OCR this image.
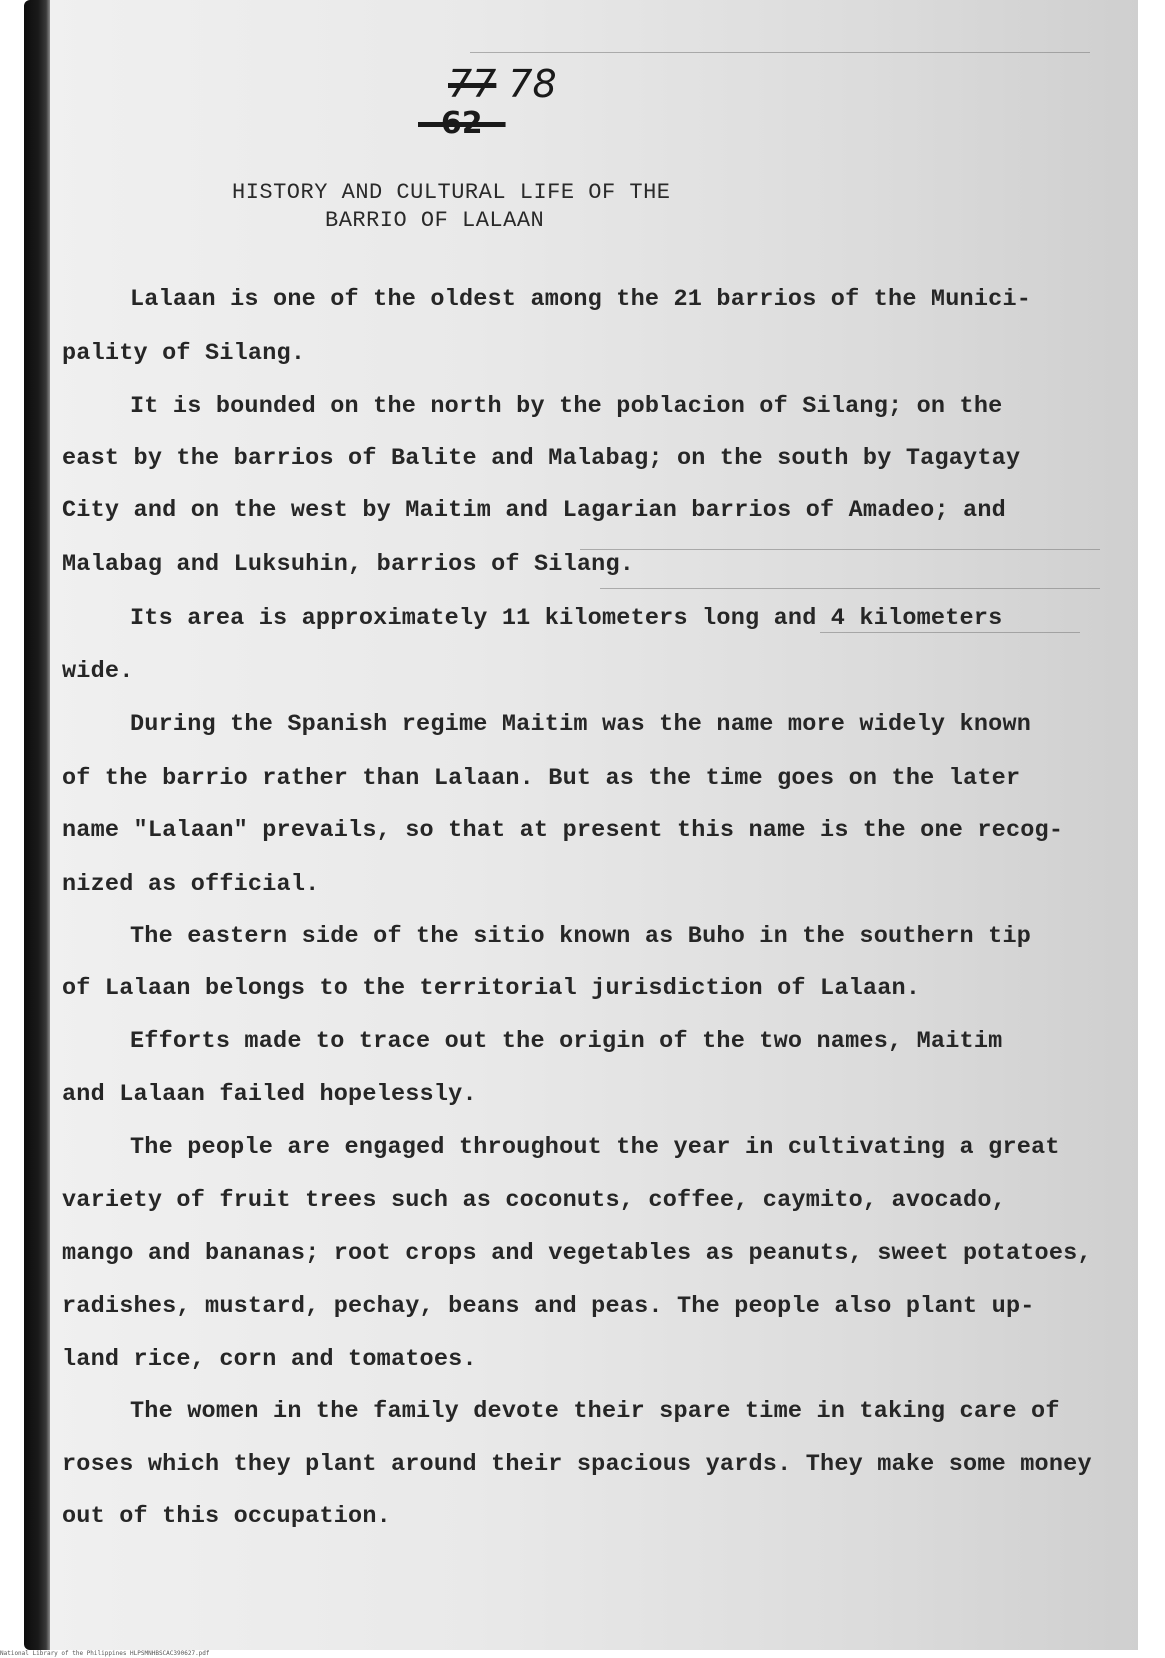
77 78
- 62 -
HISTORY AND CULTURAL LIFE OF THE
BARRIO OF LALAAN
Lalaan is one of the oldest among the 21 barrios of the Munici-
pality of Silang.
It is bounded on the north by the poblacion of Silang; on the
east by the barrios of Balite and Malabag; on the south by Tagaytay
City and on the west by Maitim and Lagarian barrios of Amadeo; and
Malabag and Luksuhin, barrios of Silang.
Its area is approximately 11 kilometers long and 4 kilometers
wide.
During the Spanish regime Maitim was the name more widely known
of the barrio rather than Lalaan. But as the time goes on the later
name "Lalaan" prevails, so that at present this name is the one recog-
nized as official.
The eastern side of the sitio known as Buho in the southern tip
of Lalaan belongs to the territorial jurisdiction of Lalaan.
Efforts made to trace out the origin of the two names, Maitim
and Lalaan failed hopelessly.
The people are engaged throughout the year in cultivating a great
variety of fruit trees such as coconuts, coffee, caymito, avocado,
mango and bananas; root crops and vegetables as peanuts, sweet potatoes,
radishes, mustard, pechay, beans and peas. The people also plant up-
land rice, corn and tomatoes.
The women in the family devote their spare time in taking care of
roses which they plant around their spacious yards. They make some money
out of this occupation.
National Library of the Philippines HLPSMNHBSCAC390627.pdf
